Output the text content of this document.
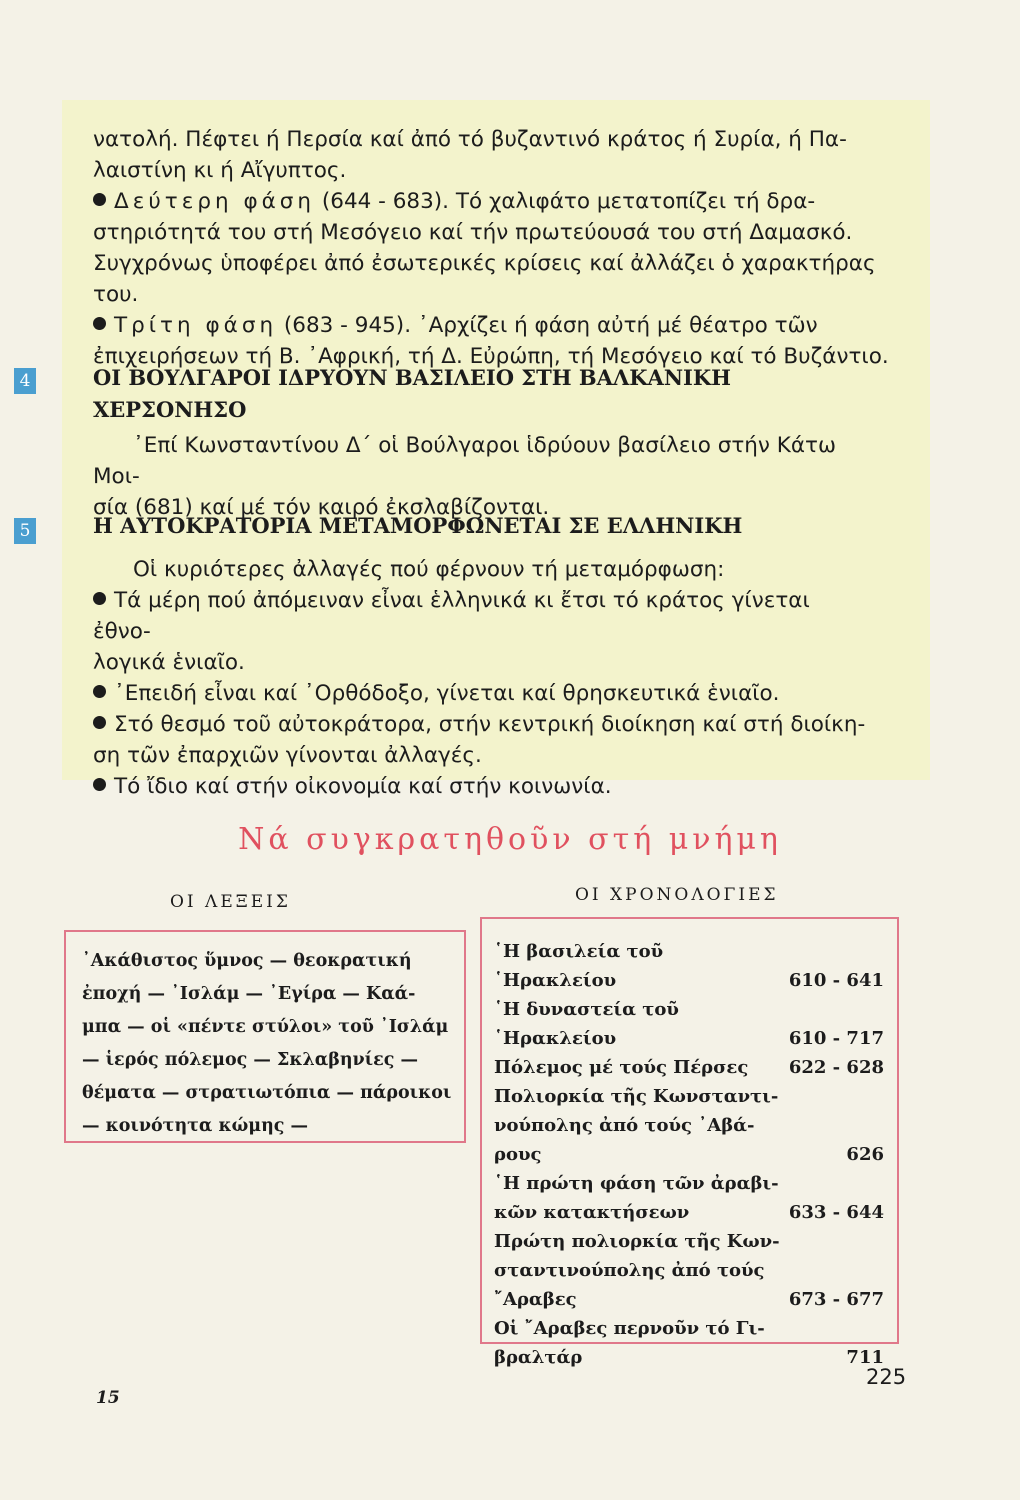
νατολή. Πέφτει ή Περσία καί ἀπό τό βυζαντινό κράτος ή Συρία, ή Πα-

λαιστίνη κι ή Αἴγυπτος.

Δεύτερη φάση (644 - 683). Τό χαλιφάτο μετατοπίζει τή δρα-

στηριότητά του στή Μεσόγειο καί τήν πρωτεύουσά του στή Δαμασκό.

Συγχρόνως ὑποφέρει ἀπό ἐσωτερικές κρίσεις καί ἀλλάζει ὁ χαρακτήρας του.

Τρίτη φάση (683 - 945). ᾿Αρχίζει ή φάση αὐτή μέ θέατρο τῶν

ἐπιχειρήσεων τή Β. ᾿Αφρική, τή Δ. Εὐρώπη, τή Μεσόγειο καί τό Βυζάντιο.

4	ΟΙ ΒΟΥΛΓΑΡΟΙ ΙΔΡΥΟΥΝ ΒΑΣΙΛΕΙΟ ΣΤΗ ΒΑΛΚΑΝΙΚΗ
ΧΕΡΣΟΝΗΣΟ

᾿Επί Κωνσταντίνου Δ΄ οἱ Βούλγαροι ἱδρύουν βασίλειο στήν Κάτω Μοι-

σία (681) καί μέ τόν καιρό ἐκσλαβίζονται.

5	Η ΑΥΤΟΚΡΑΤΟΡΙΑ ΜΕΤΑΜΟΡΦΩΝΕΤΑΙ ΣΕ ΕΛΛΗΝΙΚΗ

Οἱ κυριότερες ἀλλαγές πού φέρνουν τή μεταμόρφωση:

Τά μέρη πού ἀπόμειναν εἶναι ἑλληνικά κι ἔτσι τό κράτος γίνεται ἐθνο-

λογικά ἑνιαῖο.

᾿Επειδή εἶναι καί ᾿Ορθόδοξο, γίνεται καί θρησκευτικά ἑνιαῖο.

Στό θεσμό τοῦ αὐτοκράτορα, στήν κεντρική διοίκηση καί στή διοίκη-

ση τῶν ἐπαρχιῶν γίνονται ἀλλαγές.

Τό ἴδιο καί στήν οἰκονομία καί στήν κοινωνία.

Νά συγκρατηθοῦν στή μνήμη
ΟΙ ΛΕΞΕΙΣ	ΟΙ ΧΡΟΝΟΛΟΓΙΕΣ
᾿Ακάθιστος ὕμνος — θεοκρατική
ἐποχή — ᾿Ισλάμ — ᾿Εγίρα — Καά-
μπα — οἱ «πέντε στύλοι» τοῦ ᾿Ισλάμ
— ἱερός πόλεμος — Σκλαβηνίες —
θέματα — στρατιωτόπια — πάροικοι
— κοινότητα κώμης —
῾Η βασιλεία τοῦ ῾Ηρακλείου	610 - 641
῾Η δυναστεία τοῦ ῾Ηρακλείου	610 - 717
Πόλεμος μέ τούς Πέρσες	622 - 628
Πολιορκία τῆς Κωνσταντι- νούπολης ἀπό τούς ᾿Αβά- ρους	626
῾Η πρώτη φάση τῶν ἀραβι- κῶν κατακτήσεων	633 - 644
Πρώτη πολιορκία τῆς Κων- σταντινούπολης ἀπό τούς ῎Αραβες	673 - 677
Οἱ ῎Αραβες περνοῦν τό Γι- βραλτάρ	711
225
15
